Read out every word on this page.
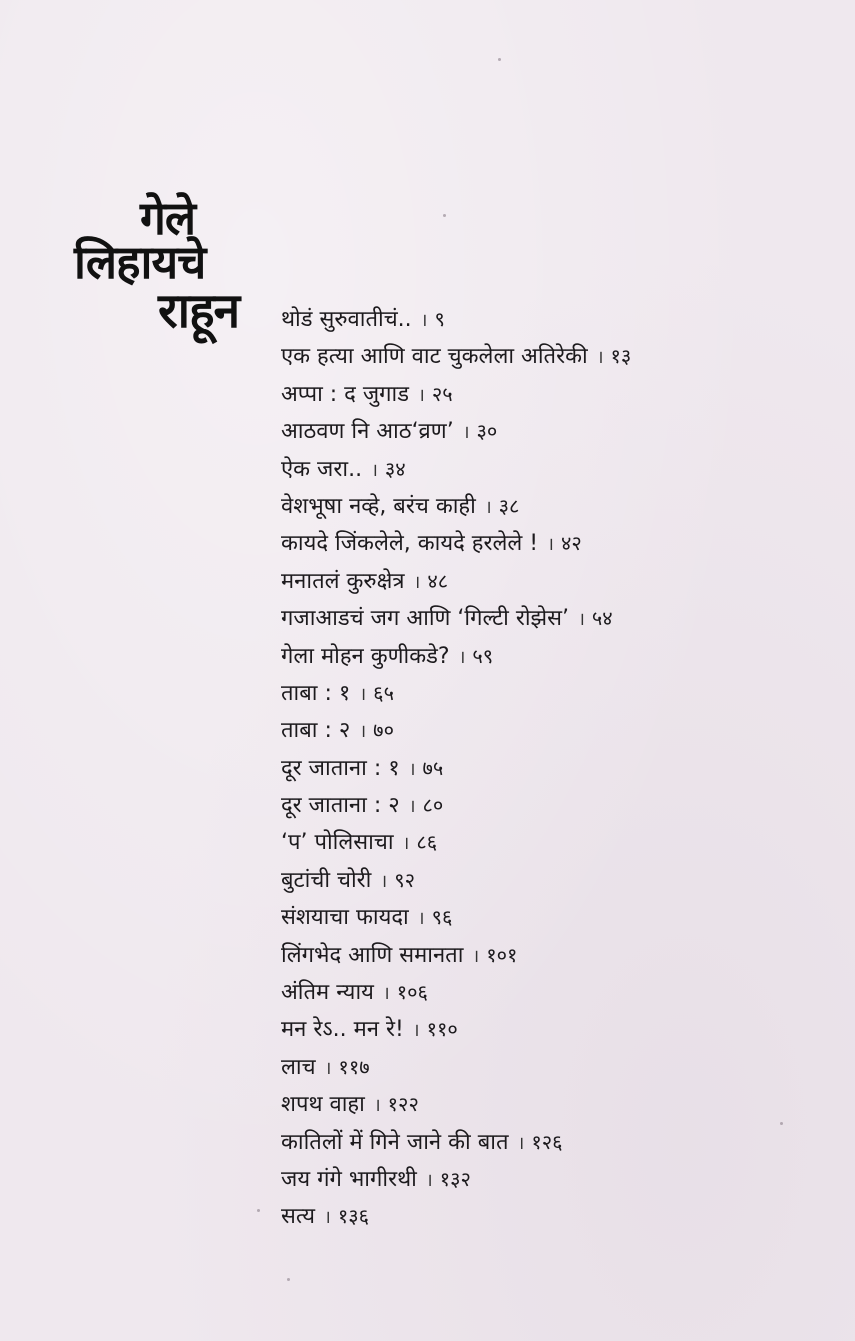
गेले
लिहायचे
राहून थोडं सुरुवातीचं.. । ९
एक हत्या आणि वाट चुकलेला अतिरेकी । १३
अप्पा : द जुगाड । २५
आठवण नि आठ‘व्रण’ । ३०
ऐक जरा.. । ३४
वेशभूषा नव्हे, बरंच काही । ३८
कायदे जिंकलेले, कायदे हरलेले ! । ४२
मनातलं कुरुक्षेत्र । ४८
गजाआडचं जग आणि ‘गिल्टी रोझेस’ । ५४
गेला मोहन कुणीकडे? । ५९
ताबा : १ । ६५
ताबा : २ । ७०
दूर जाताना : १ । ७५
दूर जाताना : २ । ८०
‘प’ पोलिसाचा । ८६
बुटांची चोरी । ९२
संशयाचा फायदा । ९६
लिंगभेद आणि समानता । १०१
अंतिम न्याय । १०६
मन रेऽ.. मन रे! । ११०
लाच । ११७
शपथ वाहा । १२२
कातिलों में गिने जाने की बात । १२६
जय गंगे भागीरथी । १३२
सत्य । १३६
